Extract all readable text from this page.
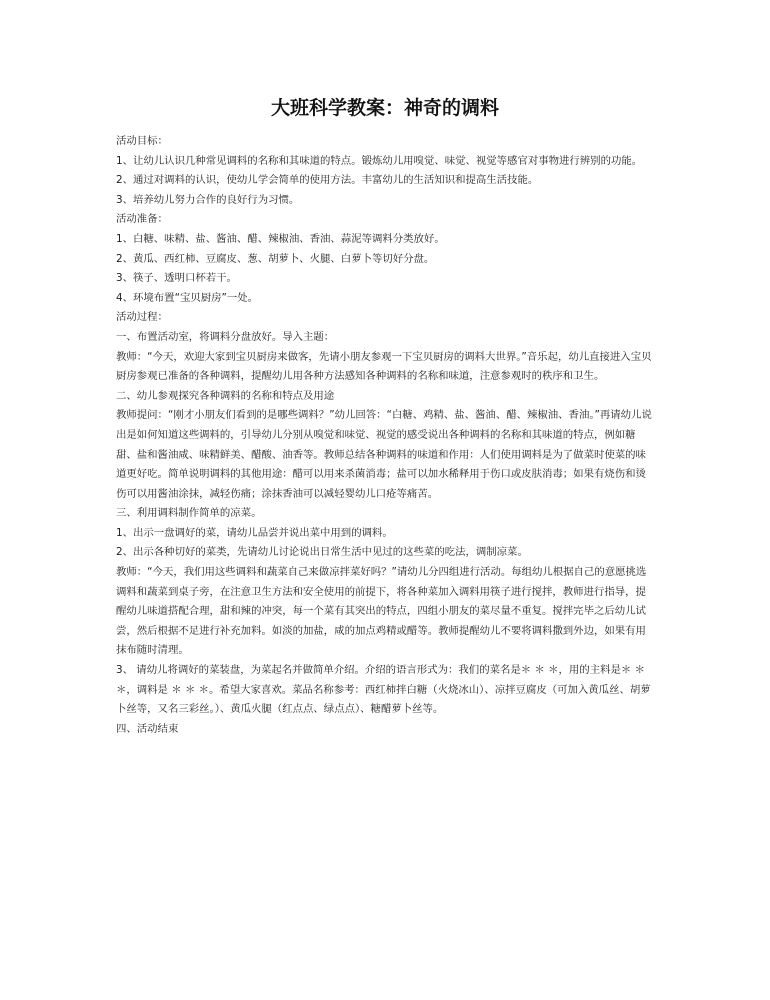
大班科学教案：神奇的调料

活动目标：

1、让幼儿认识几种常见调料的名称和其味道的特点。锻炼幼儿用嗅觉、味觉、视觉等感官对事物进行辨别的功能。

2、通过对调料的认识，使幼儿学会简单的使用方法。丰富幼儿的生活知识和提高生活技能。

3、培养幼儿努力合作的良好行为习惯。

活动准备：

1、白糖、味精、盐、酱油、醋、辣椒油、香油、蒜泥等调料分类放好。

2、黄瓜、西红柿、豆腐皮、葱、胡萝卜、火腿、白萝卜等切好分盘。

3、筷子、透明口杯若干。

4、环境布置“宝贝厨房”一处。

活动过程：

一、布置活动室，将调料分盘放好。导入主题：

教师：“今天，欢迎大家到宝贝厨房来做客，先请小朋友参观一下宝贝厨房的调料大世界。”音乐起，幼儿直接进入宝贝厨房参观已准备的各种调料，提醒幼儿用各种方法感知各种调料的名称和味道，注意参观时的秩序和卫生。

二、幼儿参观探究各种调料的名称和特点及用途

教师提问：“刚才小朋友们看到的是哪些调料？”幼儿回答：“白糖、鸡精、盐、酱油、醋、辣椒油、香油。”再请幼儿说出是如何知道这些调料的，引导幼儿分别从嗅觉和味觉、视觉的感受说出各种调料的名称和其味道的特点，例如糖甜、盐和酱油咸、味精鲜美、醋酸、油香等。教师总结各种调料的味道和作用：人们使用调料是为了做菜时使菜的味道更好吃。简单说明调料的其他用途：醋可以用来杀菌消毒；盐可以加水稀释用于伤口或皮肤消毒；如果有烧伤和烫伤可以用酱油涂抹，减轻伤痛；涂抹香油可以减轻婴幼儿口疮等痛苦。

三、利用调料制作简单的凉菜。

1、出示一盘调好的菜，请幼儿品尝并说出菜中用到的调料。

2、出示各种切好的菜类，先请幼儿讨论说出日常生活中见过的这些菜的吃法，调制凉菜。

教师：“今天，我们用这些调料和蔬菜自己来做凉拌菜好吗？”请幼儿分四组进行活动。每组幼儿根据自己的意愿挑选调料和蔬菜到桌子旁，在注意卫生方法和安全使用的前提下，将各种菜加入调料用筷子进行搅拌，教师进行指导，提醒幼儿味道搭配合理，甜和辣的冲突，每一个菜有其突出的特点，四组小朋友的菜尽量不重复。搅拌完毕之后幼儿试尝，然后根据不足进行补充加料。如淡的加盐，咸的加点鸡精或醋等。教师提醒幼儿不要将调料撒到外边，如果有用抹布随时清理。

3、 请幼儿将调好的菜装盘，为菜起名并做简单介绍。介绍的语言形式为：我们的菜名是＊ ＊ ＊，用的主料是＊ ＊ ＊，调料是 ＊ ＊ ＊。希望大家喜欢。菜品名称参考：西红柿拌白糖（火烧冰山）、凉拌豆腐皮（可加入黄瓜丝、胡萝卜丝等，又名三彩丝。）、黄瓜火腿（红点点、绿点点）、糖醋萝卜丝等。

四、活动结束
